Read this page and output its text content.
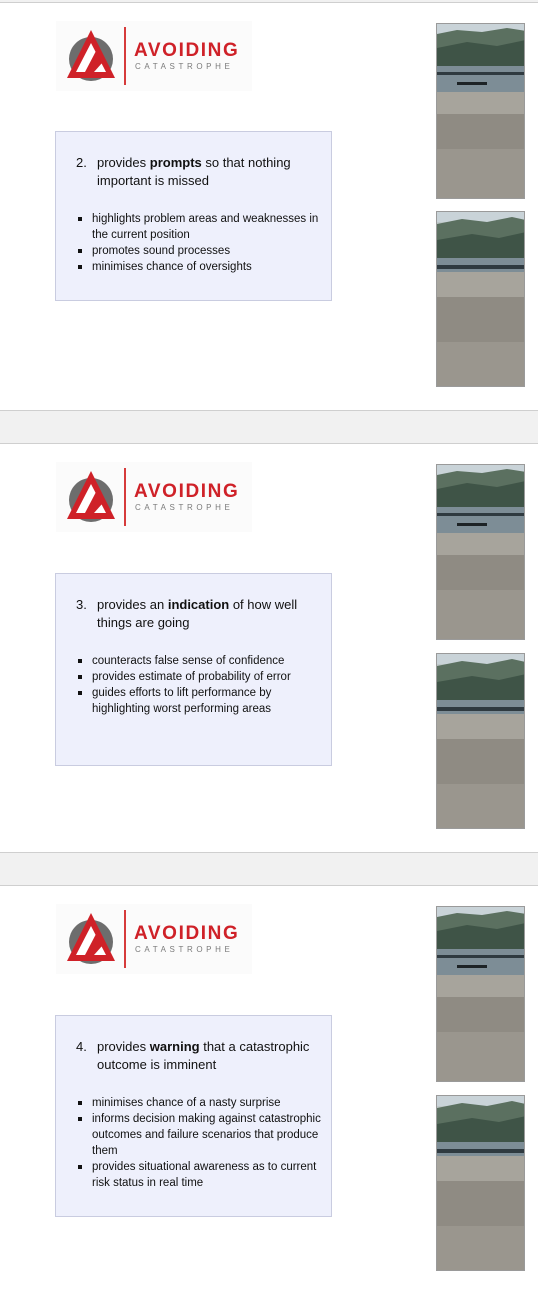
AVOIDING
CATASTROPHE
2. provides prompts so that nothing important is missed
highlights problem areas and weaknesses in the current position
promotes sound processes
minimises chance of oversights
AVOIDING
CATASTROPHE
3. provides an indication of how well things are going
counteracts false sense of confidence
provides estimate of probability of error
guides efforts to lift performance by highlighting worst performing areas
AVOIDING
CATASTROPHE
4. provides warning that a catastrophic outcome is imminent
minimises chance of a nasty surprise
informs decision making against catastrophic outcomes and failure scenarios that produce them
provides situational awareness as to current risk status in real time
